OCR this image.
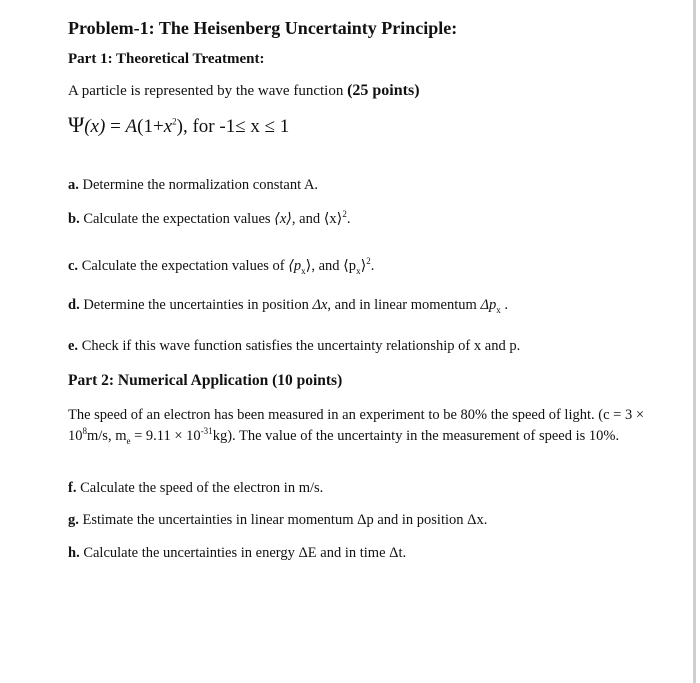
Problem-1: The Heisenberg Uncertainty Principle:
Part 1: Theoretical Treatment:
A particle is represented by the wave function (25 points)
$\Psi(x) = A(1+x^2)$, for -1≤ x ≤ 1
a. Determine the normalization constant A.
b. Calculate the expectation values ⟨x⟩, and ⟨x⟩$^2$.
c. Calculate the expectation values of $⟨p_x⟩$, and $⟨p_x⟩^2$.
d. Determine the uncertainties in position Δx, and in linear momentum $\Delta p_x$ .
e. Check if this wave function satisfies the uncertainty relationship of x and p.
Part 2: Numerical Application (10 points)
The speed of an electron has been measured in an experiment to be 80% the speed of light. ($c = 3 \times 10^8m/s$, $m_e = 9.11 \times 10^{-31}kg$). The value of the uncertainty in the measurement of speed is 10%.
f. Calculate the speed of the electron in m/s.
g. Estimate the uncertainties in linear momentum Δp and in position Δx.
h. Calculate the uncertainties in energy ΔE and in time Δt.
